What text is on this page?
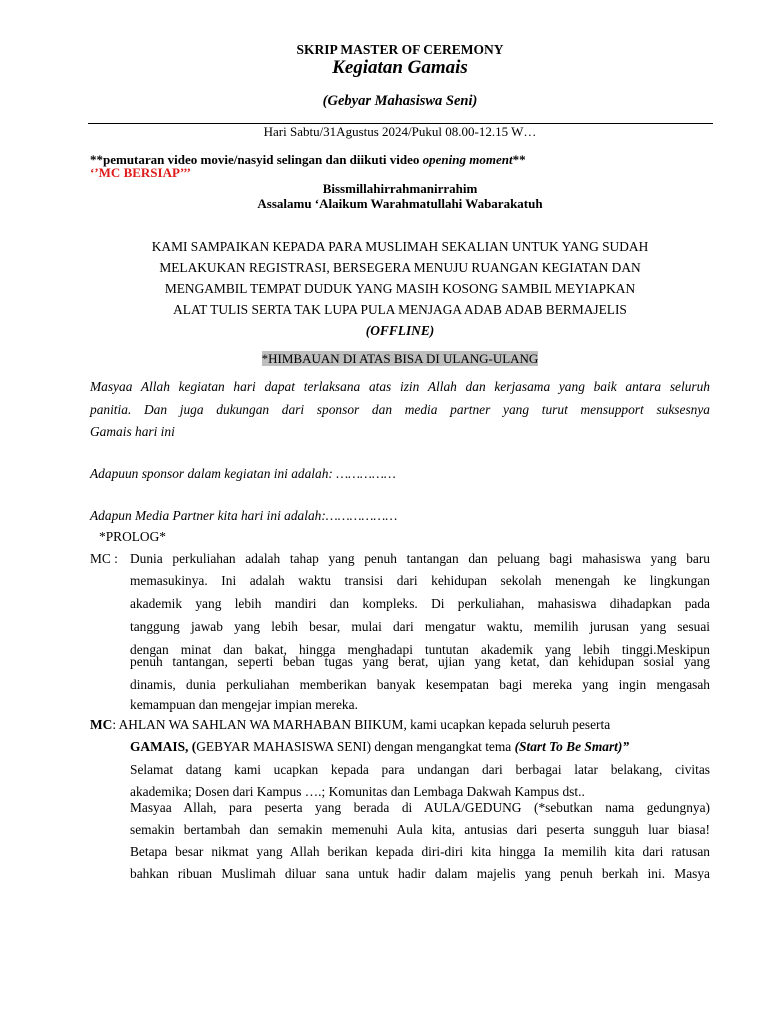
SKRIP MASTER OF CEREMONY
Kegiatan Gamais
(Gebyar Mahasiswa Seni)
Hari Sabtu/31Agustus 2024/Pukul 08.00-12.15 W…
**pemutaran video movie/nasyid selingan dan diikuti video opening moment**
‘’MC BERSIAP’’’
Bissmillahirrahmanirrahim
Assalamu ‘Alaikum Warahmatullahi Wabarakatuh
KAMI SAMPAIKAN KEPADA PARA MUSLIMAH SEKALIAN UNTUK YANG SUDAH
MELAKUKAN REGISTRASI, BERSEGERA MENUJU RUANGAN KEGIATAN DAN
MENGAMBIL TEMPAT DUDUK YANG MASIH KOSONG SAMBIL MEYIAPKAN
ALAT TULIS SERTA TAK LUPA PULA MENJAGA ADAB ADAB BERMAJELIS
(OFFLINE)
*HIMBAUAN DI ATAS BISA DI ULANG-ULANG
Masyaa Allah kegiatan hari dapat terlaksana atas izin Allah dan kerjasama yang baik antara seluruh
panitia. Dan juga dukungan dari sponsor dan media partner yang turut mensupport suksesnya
Gamais hari ini
Adapuun sponsor dalam kegiatan ini adalah: ……………
Adapun Media Partner kita hari ini adalah:………………
*PROLOG*
MC : Dunia perkuliahan adalah tahap yang penuh tantangan dan peluang bagi mahasiswa yang baru
memasukinya. Ini adalah waktu transisi dari kehidupan sekolah menengah ke lingkungan
akademik yang lebih mandiri dan kompleks. Di perkuliahan, mahasiswa dihadapkan pada
tanggung jawab yang lebih besar, mulai dari mengatur waktu, memilih jurusan yang sesuai
dengan minat dan bakat, hingga menghadapi tuntutan akademik yang lebih tinggi.Meskipun
penuh tantangan, seperti beban tugas yang berat, ujian yang ketat, dan kehidupan sosial yang
dinamis, dunia perkuliahan memberikan banyak kesempatan bagi mereka yang ingin mengasah
kemampuan dan mengejar impian mereka.
MC: AHLAN WA SAHLAN WA MARHABAN BIIKUM, kami ucapkan kepada seluruh peserta
GAMAIS, (GEBYAR MAHASISWA SENI) dengan mengangkat tema (Start To Be Smart)”
Selamat datang kami ucapkan kepada para undangan dari berbagai latar belakang, civitas
akademika; Dosen dari Kampus ….; Komunitas dan Lembaga Dakwah Kampus dst..
Masyaa Allah, para peserta yang berada di AULA/GEDUNG (*sebutkan nama gedungnya)
semakin bertambah dan semakin memenuhi Aula kita, antusias dari peserta sungguh luar biasa!
Betapa besar nikmat yang Allah berikan kepada diri-diri kita hingga Ia memilih kita dari ratusan
bahkan ribuan Muslimah diluar sana untuk hadir dalam majelis yang penuh berkah ini. Masya
